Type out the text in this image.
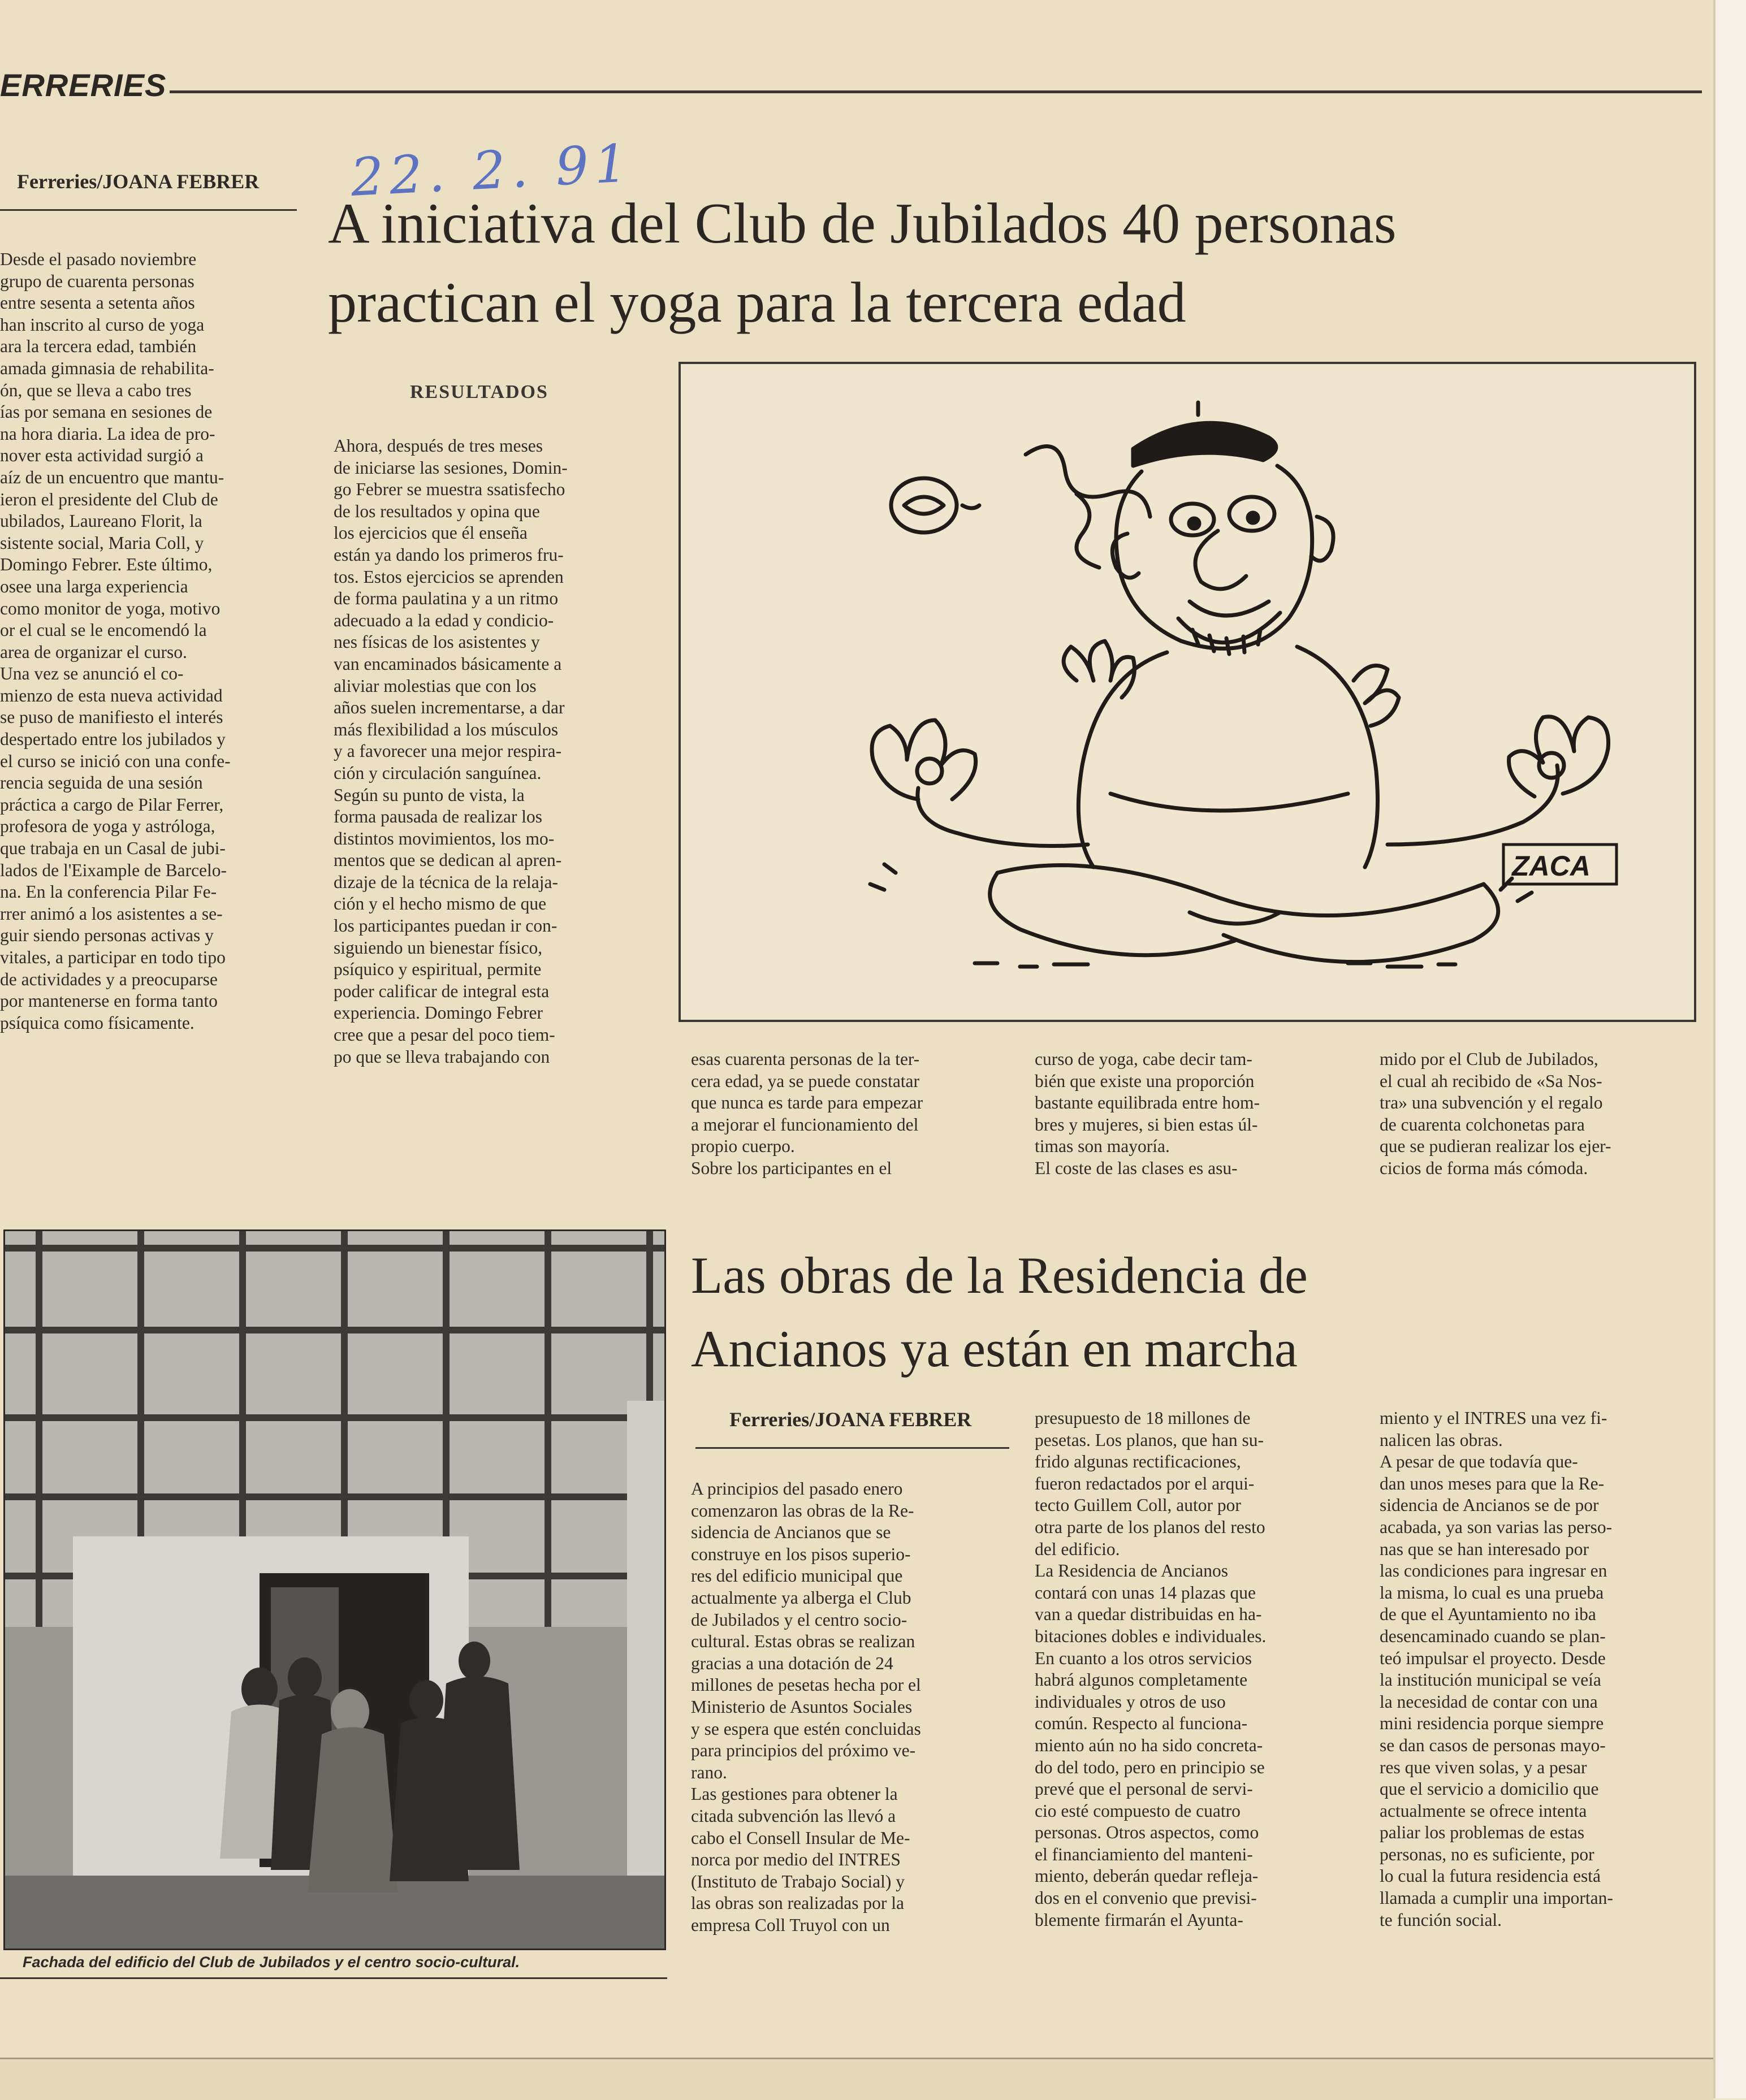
ERRERIES
22. 2. 91
Ferreries/JOANA FEBRER
A iniciativa del Club de Jubilados 40 personas
practican el yoga para la tercera edad
Desde el pasado noviembre
grupo de cuarenta personas
entre sesenta a setenta años
han inscrito al curso de yoga
ara la tercera edad, también
amada gimnasia de rehabilita-
ón, que se lleva a cabo tres
ías por semana en sesiones de
na hora diaria. La idea de pro-
nover esta actividad surgió a
aíz de un encuentro que mantu-
ieron el presidente del Club de
ubilados, Laureano Florit, la
sistente social, Maria Coll, y
Domingo Febrer. Este último,
osee una larga experiencia
como monitor de yoga, motivo
or el cual se le encomendó la
area de organizar el curso.
Una vez se anunció el co-
mienzo de esta nueva actividad
se puso de manifiesto el interés
despertado entre los jubilados y
el curso se inició con una confe-
rencia seguida de una sesión
práctica a cargo de Pilar Ferrer,
profesora de yoga y astróloga,
que trabaja en un Casal de jubi-
lados de l'Eixample de Barcelo-
na. En la conferencia Pilar Fe-
rrer animó a los asistentes a se-
guir siendo personas activas y
vitales, a participar en todo tipo
de actividades y a preocuparse
por mantenerse en forma tanto
psíquica como físicamente.
RESULTADOS
Ahora, después de tres meses
de iniciarse las sesiones, Domin-
go Febrer se muestra ssatisfecho
de los resultados y opina que
los ejercicios que él enseña
están ya dando los primeros fru-
tos. Estos ejercicios se aprenden
de forma paulatina y a un ritmo
adecuado a la edad y condicio-
nes físicas de los asistentes y
van encaminados básicamente a
aliviar molestias que con los
años suelen incrementarse, a dar
más flexibilidad a los músculos
y a favorecer una mejor respira-
ción y circulación sanguínea.
Según su punto de vista, la
forma pausada de realizar los
distintos movimientos, los mo-
mentos que se dedican al apren-
dizaje de la técnica de la relaja-
ción y el hecho mismo de que
los participantes puedan ir con-
siguiendo un bienestar físico,
psíquico y espiritual, permite
poder calificar de integral esta
experiencia. Domingo Febrer
cree que a pesar del poco tiem-
po que se lleva trabajando con
ZACA
esas cuarenta personas de la ter-
cera edad, ya se puede constatar
que nunca es tarde para empezar
a mejorar el funcionamiento del
propio cuerpo.
Sobre los participantes en el
curso de yoga, cabe decir tam-
bién que existe una proporción
bastante equilibrada entre hom-
bres y mujeres, si bien estas úl-
timas son mayoría.
El coste de las clases es asu-
mido por el Club de Jubilados,
el cual ah recibido de «Sa Nos-
tra» una subvención y el regalo
de cuarenta colchonetas para
que se pudieran realizar los ejer-
cicios de forma más cómoda.
Las obras de la Residencia de
Ancianos ya están en marcha
Ferreries/JOANA FEBRER
A principios del pasado enero
comenzaron las obras de la Re-
sidencia de Ancianos que se
construye en los pisos superio-
res del edificio municipal que
actualmente ya alberga el Club
de Jubilados y el centro socio-
cultural. Estas obras se realizan
gracias a una dotación de 24
millones de pesetas hecha por el
Ministerio de Asuntos Sociales
y se espera que estén concluidas
para principios del próximo ve-
rano.
Las gestiones para obtener la
citada subvención las llevó a
cabo el Consell Insular de Me-
norca por medio del INTRES
(Instituto de Trabajo Social) y
las obras son realizadas por la
empresa Coll Truyol con un
presupuesto de 18 millones de
pesetas. Los planos, que han su-
frido algunas rectificaciones,
fueron redactados por el arqui-
tecto Guillem Coll, autor por
otra parte de los planos del resto
del edificio.
La Residencia de Ancianos
contará con unas 14 plazas que
van a quedar distribuidas en ha-
bitaciones dobles e individuales.
En cuanto a los otros servicios
habrá algunos completamente
individuales y otros de uso
común. Respecto al funciona-
miento aún no ha sido concreta-
do del todo, pero en principio se
prevé que el personal de servi-
cio esté compuesto de cuatro
personas. Otros aspectos, como
el financiamiento del manteni-
miento, deberán quedar refleja-
dos en el convenio que previsi-
blemente firmarán el Ayunta-
miento y el INTRES una vez fi-
nalicen las obras.
A pesar de que todavía que-
dan unos meses para que la Re-
sidencia de Ancianos se de por
acabada, ya son varias las perso-
nas que se han interesado por
las condiciones para ingresar en
la misma, lo cual es una prueba
de que el Ayuntamiento no iba
desencaminado cuando se plan-
teó impulsar el proyecto. Desde
la institución municipal se veía
la necesidad de contar con una
mini residencia porque siempre
se dan casos de personas mayo-
res que viven solas, y a pesar
que el servicio a domicilio que
actualmente se ofrece intenta
paliar los problemas de estas
personas, no es suficiente, por
lo cual la futura residencia está
llamada a cumplir una importan-
te función social.
Fachada del edificio del Club de Jubilados y el centro socio-cultural.
